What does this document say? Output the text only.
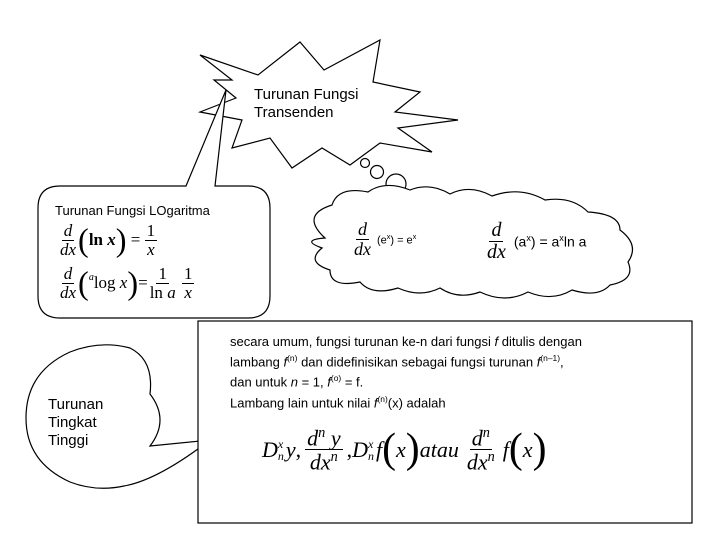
Turunan Fungsi
Transenden
Turunan Fungsi LOgaritma
$\frac{d}{dx}$ ( ln
x ) = $\frac{1}{x}$
$\frac{d}{dx} (^a$ log
x ) = $\frac{1}{\text{ln a}}$
$\frac{1}{x}$
$\frac{d}{dx} (e^x) = e^x$	$\frac{d}{dx} (a^x) = a^x\ln$ a
Turunan
Tingkat
Tinggi
secara umum, fungsi turunan ke-n dari fungsi f ditulis dengan
lambang $f^{(n)}$ dan didefinisikan sebagai fungsi turunan $f^{(n-1)}$,
dan untuk n = 1, $f^{(o)} = f$.
Lambang lain untuk nilai $f^{(n)}(x)$ adalah
D x
n y , $\frac{d^n y}{dx^n}$ , D x
n f ( x ) atau $\frac{d^n}{dx^n}$ f ( x )
